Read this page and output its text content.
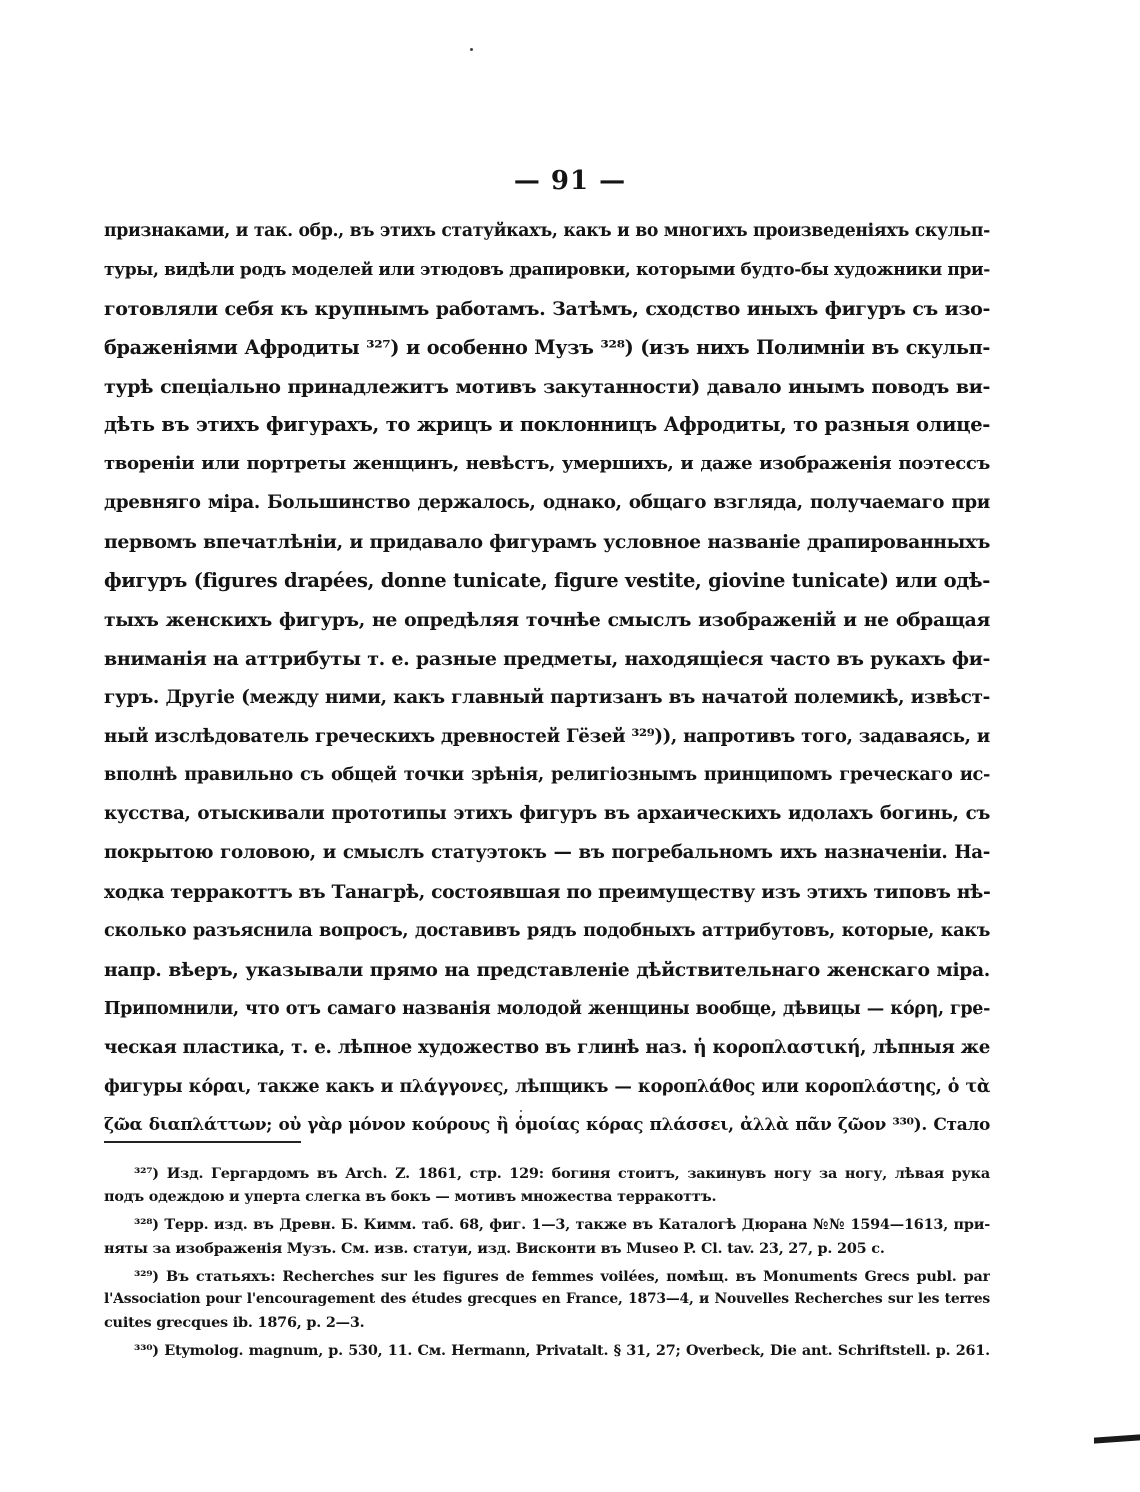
— 91 —
признаками, и так. обр., въ этихъ статуйкахъ, какъ и во многихъ произведеніяхъ скульп-
туры, видѣли родъ моделей или этюдовъ драпировки, которыми будто-бы художники при-
готовляли себя къ крупнымъ работамъ. Затѣмъ, сходство иныхъ фигуръ съ изо-
браженіями Афродиты ³²⁷) и особенно Музъ ³²⁸) (изъ нихъ Полимніи въ скульп-
турѣ спеціально принадлежитъ мотивъ закутанности) давало инымъ поводъ ви-
дѣть въ этихъ фигурахъ, то жрицъ и поклонницъ Афродиты, то разныя олице-
твореніи или портреты женщинъ, невѣстъ, умершихъ, и даже изображенія поэтессъ
древняго міра. Большинство держалось, однако, общаго взгляда, получаемаго при
первомъ впечатлѣніи, и придавало фигурамъ условное названіе драпированныхъ
фигуръ (figures drapées, donne tunicate, figure vestite, giovine tunicate) или одѣ-
тыхъ женскихъ фигуръ, не опредѣляя точнѣе смыслъ изображеній и не обращая
вниманія на аттрибуты т. е. разные предметы, находящіеся часто въ рукахъ фи-
гуръ. Другіе (между ними, какъ главный партизанъ въ начатой полемикѣ, извѣст-
ный изслѣдователь греческихъ древностей Гёзей ³²⁹)), напротивъ того, задаваясь, и
вполнѣ правильно съ общей точки зрѣнія, религіознымъ принципомъ греческаго ис-
кусства, отыскивали прототипы этихъ фигуръ въ архаическихъ идолахъ богинь, съ
покрытою головою, и смыслъ статуэтокъ — въ погребальномъ ихъ назначеніи. На-
ходка терракоттъ въ Танагрѣ, состоявшая по преимуществу изъ этихъ типовъ нѣ-
сколько разъяснила вопросъ, доставивъ рядъ подобныхъ аттрибутовъ, которые, какъ
напр. вѣеръ, указывали прямо на представленіе дѣйствительнаго женскаго міра.
Припомнили, что отъ самаго названія молодой женщины вообще, дѣвицы — κόρη, гре-
ческая пластика, т. е. лѣпное художество въ глинѣ наз. ἡ κοροπλαστική, лѣпныя же
фигуры κόραι, также какъ и πλάγγονες, лѣпщикъ — κοροπλάθος или κοροπλάστης, ὁ τὰ
ζῶα διαπλάττων; οὐ γὰρ μόνον κούρους ἢ ὁμοίας κόρας πλάσσει, ἀλλὰ πᾶν ζῶον ³³⁰). Стало
³²⁷) Изд. Гергардомъ въ Arch. Z. 1861, стр. 129: богиня стоитъ, закинувъ ногу за ногу, лѣвая рука
подъ одеждою и уперта слегка въ бокъ — мотивъ множества терракоттъ.
³²⁸) Терр. изд. въ Древн. Б. Кимм. таб. 68, фиг. 1—3, также въ Каталогѣ Дюрана №№ 1594—1613, при-
няты за изображенія Музъ. См. изв. статуи, изд. Висконти въ Museo P. Cl. tav. 23, 27, p. 205 c.
³²⁹) Въ статьяхъ: Recherches sur les figures de femmes voilées, помѣщ. въ Monuments Grecs publ. par
l'Association pour l'encouragement des études grecques en France, 1873—4, и Nouvelles Recherches sur les terres
cuites grecques ib. 1876, p. 2—3.
³³⁰) Etymolog. magnum, p. 530, 11. См. Hermann, Privatalt. § 31, 27; Overbeck, Die ant. Schriftstell. p. 261.
